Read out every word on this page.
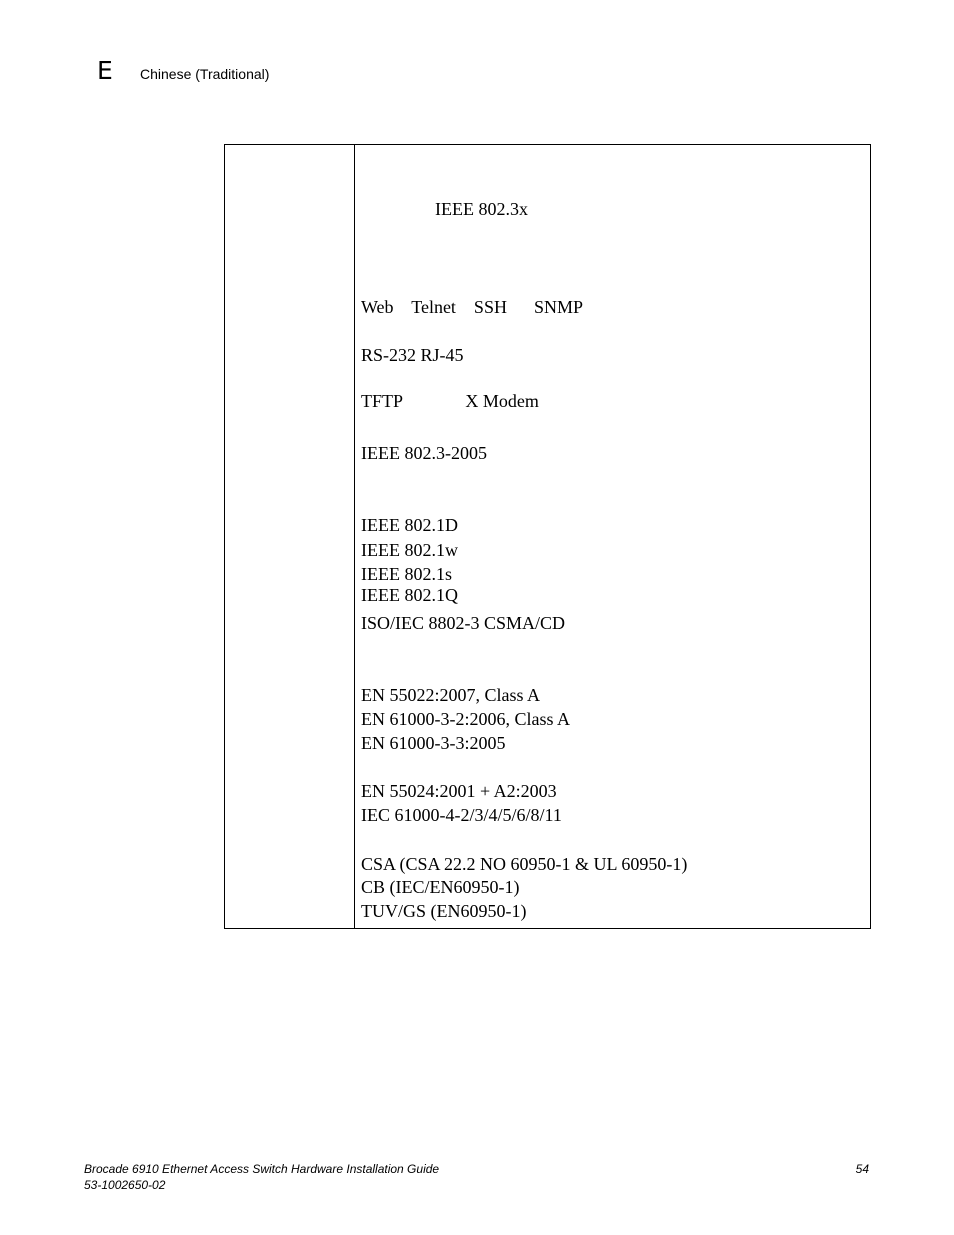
E Chinese (Traditional)
IEEE 802.3x
Web    Telnet    SSH      SNMP
RS-232 RJ-45
TFTP              X Modem
IEEE 802.3-2005
IEEE 802.1D
IEEE 802.1w
IEEE 802.1s
IEEE 802.1Q
ISO/IEC 8802-3 CSMA/CD
EN 55022:2007, Class A
EN 61000-3-2:2006, Class A
EN 61000-3-3:2005
EN 55024:2001 + A2:2003
IEC 61000-4-2/3/4/5/6/8/11
CSA (CSA 22.2 NO 60950-1 & UL 60950-1)
CB (IEC/EN60950-1)
TUV/GS (EN60950-1)
Brocade 6910 Ethernet Access Switch Hardware Installation Guide
53-1002650-02
54
